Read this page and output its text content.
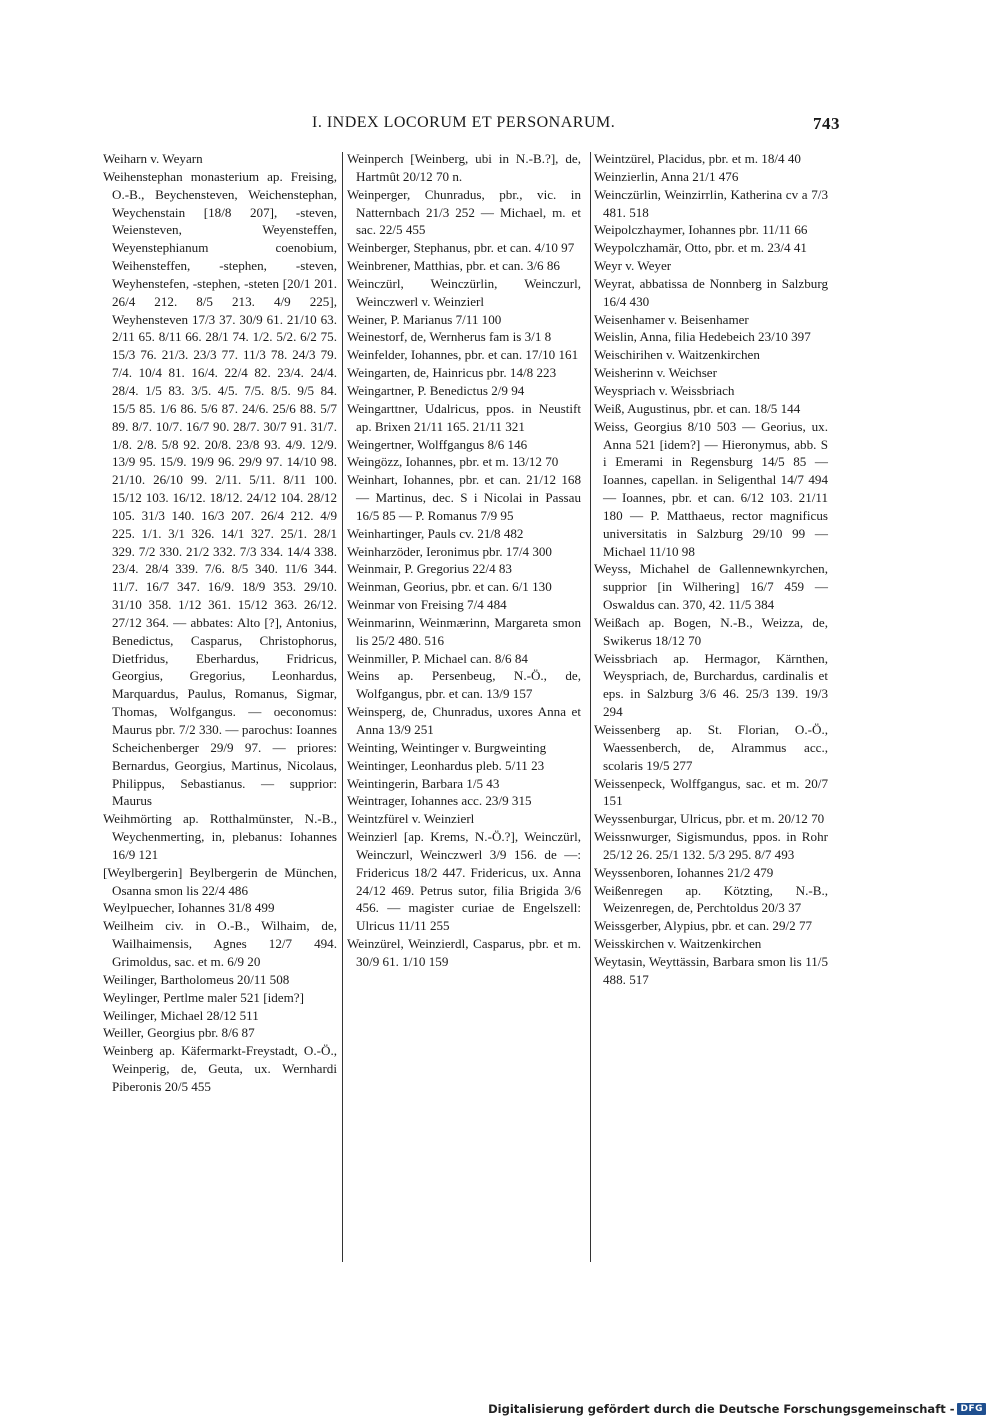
I. INDEX LOCORUM ET PERSONARUM.	743

Weiharn v. Weyarn

Weihenstephan monasterium ap. Freising, O.-B., Beychensteven, Weichenstephan, Weychenstain [18/8 207], -steven, Weiensteven, Weyensteffen, Weyenstephianum coenobium, Weihensteffen, -stephen, -steven, Weyhenstefen, -stephen, -steten [20/1 201. 26/4 212. 8/5 213. 4/9 225], Weyhensteven 17/3 37. 30/9 61. 21/10 63. 2/11 65. 8/11 66. 28/1 74. 1/2. 5/2. 6/2 75. 15/3 76. 21/3. 23/3 77. 11/3 78. 24/3 79. 7/4. 10/4 81. 16/4. 22/4 82. 23/4. 24/4. 28/4. 1/5 83. 3/5. 4/5. 7/5. 8/5. 9/5 84. 15/5 85. 1/6 86. 5/6 87. 24/6. 25/6 88. 5/7 89. 8/7. 10/7. 16/7 90. 28/7. 30/7 91. 31/7. 1/8. 2/8. 5/8 92. 20/8. 23/8 93. 4/9. 12/9. 13/9 95. 15/9. 19/9 96. 29/9 97. 14/10 98. 21/10. 26/10 99. 2/11. 5/11. 8/11 100. 15/12 103. 16/12. 18/12. 24/12 104. 28/12 105. 31/3 140. 16/3 207. 26/4 212. 4/9 225. 1/1. 3/1 326. 14/1 327. 25/1. 28/1 329. 7/2 330. 21/2 332. 7/3 334. 14/4 338. 23/4. 28/4 339. 7/6. 8/5 340. 11/6 344. 11/7. 16/7 347. 16/9. 18/9 353. 29/10. 31/10 358. 1/12 361. 15/12 363. 26/12. 27/12 364. — abbates: Alto [?], Antonius, Benedictus, Casparus, Christophorus, Dietfridus, Eberhardus, Fridricus, Georgius, Gregorius, Leonhardus, Marquardus, Paulus, Romanus, Sigmar, Thomas, Wolfgangus. — oeconomus: Maurus pbr. 7/2 330. — parochus: Ioannes Scheichenberger 29/9 97. — priores: Bernardus, Georgius, Martinus, Nicolaus, Philippus, Sebastianus. — supprior: Maurus

Weihmörting ap. Rotthalmünster, N.-B., Weychenmerting, in, plebanus: Iohannes 16/9 121

[Weylbergerin] Beylbergerin de München, Osanna smon lis 22/4 486

Weylpuecher, Iohannes 31/8 499

Weilheim civ. in O.-B., Wilhaim, de, Wailhaimensis, Agnes 12/7 494. Grimoldus, sac. et m. 6/9 20

Weilinger, Bartholomeus 20/11 508

Weylinger, Pertlme maler 521 [idem?]

Weilinger, Michael 28/12 511

Weiller, Georgius pbr. 8/6 87

Weinberg ap. Käfermarkt-Freystadt, O.-Ö., Weinperig, de, Geuta, ux. Wernhardi Piberonis 20/5 455

Weinperch [Weinberg, ubi in N.-B.?], de, Hartmût 20/12 70 n.

Weinperger, Chunradus, pbr., vic. in Natternbach 21/3 252 — Michael, m. et sac. 22/5 455

Weinberger, Stephanus, pbr. et can. 4/10 97

Weinbrener, Matthias, pbr. et can. 3/6 86

Weinczürl, Weinczürlin, Weinczurl, Weinczwerl v. Weinzierl

Weiner, P. Marianus 7/11 100

Weinestorf, de, Wernherus fam is 3/1 8

Weinfelder, Iohannes, pbr. et can. 17/10 161

Weingarten, de, Hainricus pbr. 14/8 223

Weingartner, P. Benedictus 2/9 94

Weingarttner, Udalricus, ppos. in Neustift ap. Brixen 21/11 165. 21/11 321

Weingertner, Wolffgangus 8/6 146

Weingözz, Iohannes, pbr. et m. 13/12 70

Weinhart, Iohannes, pbr. et can. 21/12 168 — Martinus, dec. S i Nicolai in Passau 16/5 85 — P. Romanus 7/9 95

Weinhartinger, Pauls cv. 21/8 482

Weinharzöder, Ieronimus pbr. 17/4 300

Weinmair, P. Gregorius 22/4 83

Weinman, Georius, pbr. et can. 6/1 130

Weinmar von Freising 7/4 484

Weinmarinn, Weinmærinn, Margareta smon lis 25/2 480. 516

Weinmiller, P. Michael can. 8/6 84

Weins ap. Persenbeug, N.-Ö., de, Wolfgangus, pbr. et can. 13/9 157

Weinsperg, de, Chunradus, uxores Anna et Anna 13/9 251

Weinting, Weintinger v. Burgweinting

Weintinger, Leonhardus pleb. 5/11 23

Weintingerin, Barbara 1/5 43

Weintrager, Iohannes acc. 23/9 315

Weintzfürel v. Weinzierl

Weinzierl [ap. Krems, N.-Ö.?], Weinczürl, Weinczurl, Weinczwerl 3/9 156. de —: Fridericus 18/2 447. Fridericus, ux. Anna 24/12 469. Petrus sutor, filia Brigida 3/6 456. — magister curiae de Engelszell: Ulricus 11/11 255

Weinzürel, Weinzierdl, Casparus, pbr. et m. 30/9 61. 1/10 159

Weintzürel, Placidus, pbr. et m. 18/4 40

Weinzierlin, Anna 21/1 476

Weinczürlin, Weinzirrlin, Katherina cv a 7/3 481. 518

Weipolczhaymer, Iohannes pbr. 11/11 66

Weypolczhamär, Otto, pbr. et m. 23/4 41

Weyr v. Weyer

Weyrat, abbatissa de Nonnberg in Salzburg 16/4 430

Weisenhamer v. Beisenhamer

Weislin, Anna, filia Hedebeich 23/10 397

Weischirihen v. Waitzenkirchen

Weisherinn v. Weichser

Weyspriach v. Weissbriach

Weiß, Augustinus, pbr. et can. 18/5 144

Weiss, Georgius 8/10 503 — Georius, ux. Anna 521 [idem?] — Hieronymus, abb. S i Emerami in Regensburg 14/5 85 — Ioannes, capellan. in Seligenthal 14/7 494 — Ioannes, pbr. et can. 6/12 103. 21/11 180 — P. Matthaeus, rector magnificus universitatis in Salzburg 29/10 99 — Michael 11/10 98

Weyss, Michahel de Gallennewnkyrchen, supprior [in Wilhering] 16/7 459 — Oswaldus can. 370, 42. 11/5 384

Weißach ap. Bogen, N.-B., Weizza, de, Swikerus 18/12 70

Weissbriach ap. Hermagor, Kärnthen, Weyspriach, de, Burchardus, cardinalis et eps. in Salzburg 3/6 46. 25/3 139. 19/3 294

Weissenberg ap. St. Florian, O.-Ö., Waessenberch, de, Alrammus acc., scolaris 19/5 277

Weissenpeck, Wolffgangus, sac. et m. 20/7 151

Weyssenburgar, Ulricus, pbr. et m. 20/12 70

Weissnwurger, Sigismundus, ppos. in Rohr 25/12 26. 25/1 132. 5/3 295. 8/7 493

Weyssenboren, Iohannes 21/2 479

Weißenregen ap. Kötzting, N.-B., Weizenregen, de, Perchtoldus 20/3 37

Weissgerber, Alypius, pbr. et can. 29/2 77

Weisskirchen v. Waitzenkirchen

Weytasin, Weyttässin, Barbara smon lis 11/5 488. 517

Digitalisierung gefördert durch die Deutsche Forschungsgemeinschaft - DFG
